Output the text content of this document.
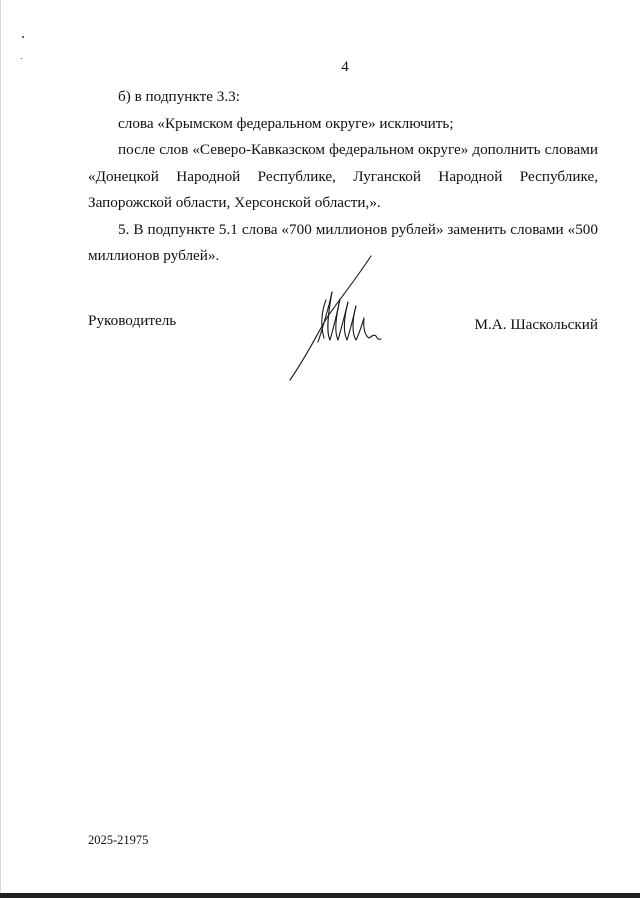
4

б) в подпункте 3.3:

слова «Крымском федеральном округе» исключить;

после слов «Северо-Кавказском федеральном округе» дополнить словами «Донецкой Народной Республике, Луганской Народной Республике, Запорожской области, Херсонской области,».

5. В подпункте 5.1 слова «700 миллионов рублей» заменить словами «500 миллионов рублей».

Руководитель	М.А. Шаскольский
2025-21975
